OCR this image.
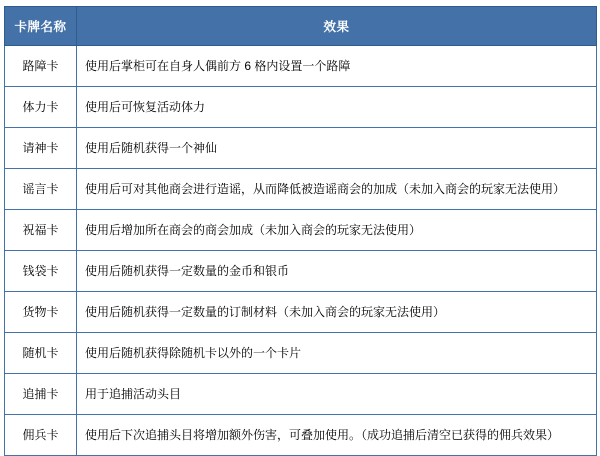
卡牌名称	效果
路障卡	使用后掌柜可在自身人偶前方 6 格内设置一个路障
体力卡	使用后可恢复活动体力
请神卡	使用后随机获得一个神仙
谣言卡	使用后可对其他商会进行造谣，从而降低被造谣商会的加成（未加入商会的玩家无法使用）
祝福卡	使用后增加所在商会的商会加成（未加入商会的玩家无法使用）
钱袋卡	使用后随机获得一定数量的金币和银币
货物卡	使用后随机获得一定数量的订制材料（未加入商会的玩家无法使用）
随机卡	使用后随机获得除随机卡以外的一个卡片
追捕卡	用于追捕活动头目
佣兵卡	使用后下次追捕头目将增加额外伤害，可叠加使用。（成功追捕后清空已获得的佣兵效果）
